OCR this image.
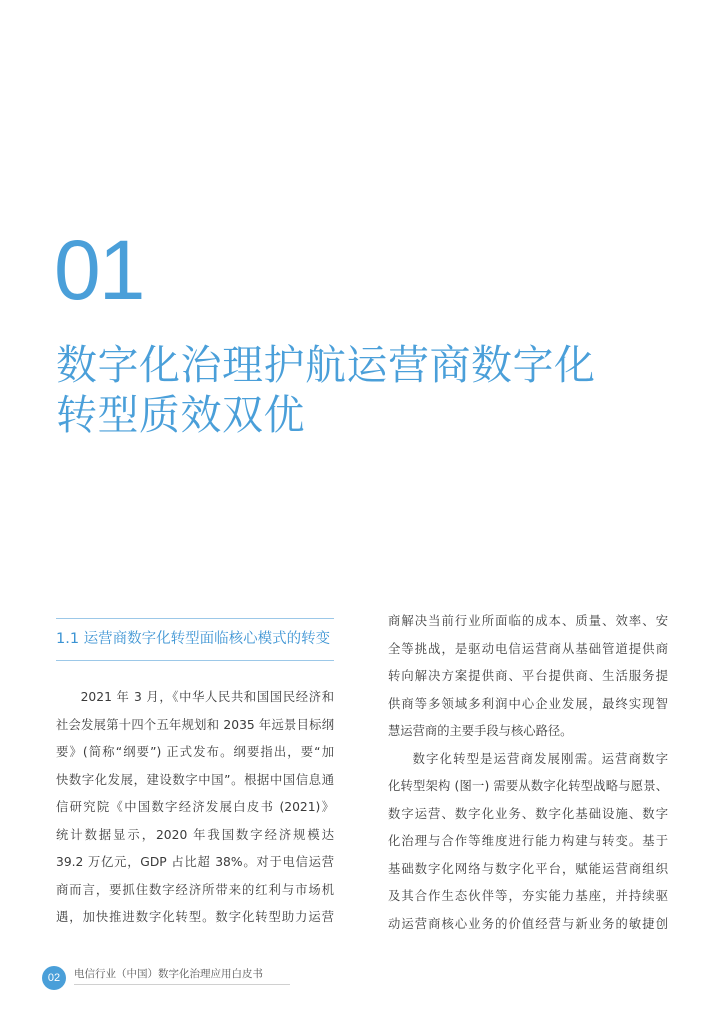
01
数字化治理护航运营商数字化
转型质效双优
1.1 运营商数字化转型面临核心模式的转变
2021 年 3 月，《中华人民共和国国民经济和
社会发展第十四个五年规划和 2035 年远景目标纲
要》(简称“纲要”) 正式发布。纲要指出，要“加
快数字化发展，建设数字中国”。根据中国信息通
信研究院《中国数字经济发展白皮书 (2021)》
统计数据显示，2020 年我国数字经济规模达
39.2 万亿元，GDP 占比超 38%。对于电信运营
商而言，要抓住数字经济所带来的红利与市场机
遇，加快推进数字化转型。数字化转型助力运营
商解决当前行业所面临的成本、质量、效率、安
全等挑战，是驱动电信运营商从基础管道提供商
转向解决方案提供商、平台提供商、生活服务提
供商等多领域多利润中心企业发展，最终实现智
慧运营商的主要手段与核心路径。
数字化转型是运营商发展刚需。运营商数字
化转型架构 (图一) 需要从数字化转型战略与愿景、
数字运营、数字化业务、数字化基础设施、数字
化治理与合作等维度进行能力构建与转变。基于
基础数字化网络与数字化平台，赋能运营商组织
及其合作生态伙伴等，夯实能力基座，并持续驱
动运营商核心业务的价值经营与新业务的敏捷创
02	电信行业（中国）数字化治理应用白皮书
